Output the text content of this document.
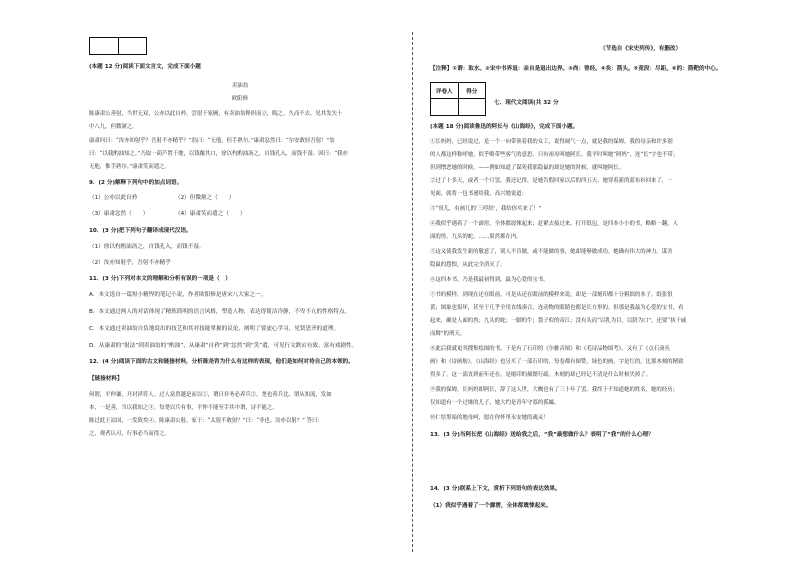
(本题 12 分)阅读下面文言文，完成下面小题
卖油翁
欧阳修
陈康肃公善射，当世无双，公亦以此自矜。尝射于家圃，有卖油翁释担而立，睨之，久而不去。见其发矢十
中八九，但微颔之。
康肃问曰：“汝亦知射乎？吾射不亦精乎？”翁曰：“无他，但手熟尔。”康肃忿然曰：“尔安敢轻吾射！”翁
曰：“以我酌油知之。”乃取一葫芦置于地，以钱覆其口，徐以杓酌油沥之，自钱孔入，而钱不湿。因曰：“我亦
无他，惟手熟尔。”康肃笑而遣之。
9．(2 分)解释下列句中的加点词语。
（1）公亦以此自矜	（2）但微颔之（　　）
（3）康肃忿然（　　）	（4）康肃笑而遣之（　　）
10．(3 分)把下列句子翻译成现代汉语。
（1）徐以杓酌油沥之，自钱孔入，而钱不湿。
（2）汝亦知射乎，吾射不亦精乎
11．(3 分)下列对本文的理解和分析有误的一项是（　）
A．本文选自一篇短小精悍的笔记小说，作者欧阳修是唐宋八大家之一。
B．本文通过两人的对话体现了精炼简明的语言风格，塑造人物，表达得简洁冷静，不卑不亢的性格特点。
C．本文通过卖油翁自负地说出的技艺和其对技能掌握的议论，阐明了要虚心学习，见贤思齐的道理。
D．从康肃的“射法”到卖油翁的“酌油”，从康肃“自矜”到“忿然”到“笑”遣，可见行文跌宕有致，富有戏剧性。
12．(4 分)阅读下面的古文和链接材料，分析陈尧咨为什么有这样的表现，他们是如何对待自己的本领的。
【链接材料】
何谓，平仲谦，开封祥符人。过人富贵越是而以①，谓曰非务必养兵②，尧也善兵比。谓从知流，发如
本，一是善，当以我知之③。每尧以兵有事，平仲不能至手其中谓，诗不能之。
陈过此王凉国，一发致矣④。陈康肃公射，家于：“太射不敢射？”曰：“非也。汝亦以射？” 答曰：
之，观者认可，行事必当而得之。
（节选自《宋史列传》，有删改）
【注释】①谓：取水。②宋中书界退：亲自是退出边界。③尚：曾经。④矣：箭头。⑤竟段：尽距。⑥的：箭靶的中心。
评卷人	得分
七、现代文阅读(共 32 分
(本题 18 分)阅读鲁迅的阿长与《山海经》，完成下面小题。
①长妈妈，已经说过，是一个一向带领着我的女工，说得阔气一点，就是我的保姆。我的母亲和许多别
的人都这样称呼她，似乎略带些客气的意思。只有祖母叫她阿长。我平时叫她“阿妈”，连“长”字也不带；
但到憎恶她的时候，——例如知道了谋死我那隐鼠的却是她的时候，就叫她阿长。
②过了十多天，或者一个月罢，我还记得，是她告假回家以后的四五天，她穿着新的蓝布衫回来了，一
见面，就将一包书递给我，高兴地说道：
③“哥儿，有画儿的‘三哼经’，我给你买来了！”
④我似乎遇着了一个霹雳，全体都震悚起来；赶紧去接过来，打开纸包，是四本小小的书，略略一翻，人
面的兽，九头的蛇，……果然都在内。
⑤这又使我发生新的敬意了，别人不肯做，或不能做的事，她却能够做成功。她确有伟大的神力。谋害
隐鼠的怨恨，从此完全消灭了。
⑥这四本书，乃是我最初得到，最为心爱的宝书。
⑦书的模样，到现在还在眼前。可是从还在眼前的模样来说，却是一部刻印都十分粗拙的本子。纸张很
黄；图象也很坏，甚至于几乎全用直线凑合，连动物的眼睛也都是长方形的。但那是我最为心爱的宝书，看
起来，确是人面的兽；九头的蛇；一脚的牛；袋子似的帝江；没有头而“以乳为目，以脐为口”，还要“执干戚
而舞”的刑天。
⑧此后我就更其搜集绘图的书，于是有了石印的《尔雅音图》和《毛诗品物图考》，又有了《点石斋丛
画》和《诗画舫》。《山海经》也另买了一部石印的，每卷都有图赞，绿色的画，字是红的，比那木刻的精致
得多了。这一部直到前年还在，是缩印的郝懿行疏。木刻的却已经记不清是什么时候失掉了。
⑨我的保姆，长妈妈即阿长，辞了这人世，大概也有了三十年了罢。我终于不知道她的姓名，她的经历；
仅知道有一个过继的儿子，她大约是青年守寡的孤孀。
⑩仁厚黑暗的地母呵，愿在你怀里永安她的魂灵！
13．(3 分)当阿长把《山海经》送给我之后，“我”最想做什么？表明了“我”的什么心理？
14．(3 分)联系上下文，赏析下列语句的表达效果。
（1）我似乎遇着了一个霹雳，全体都震悚起来。
